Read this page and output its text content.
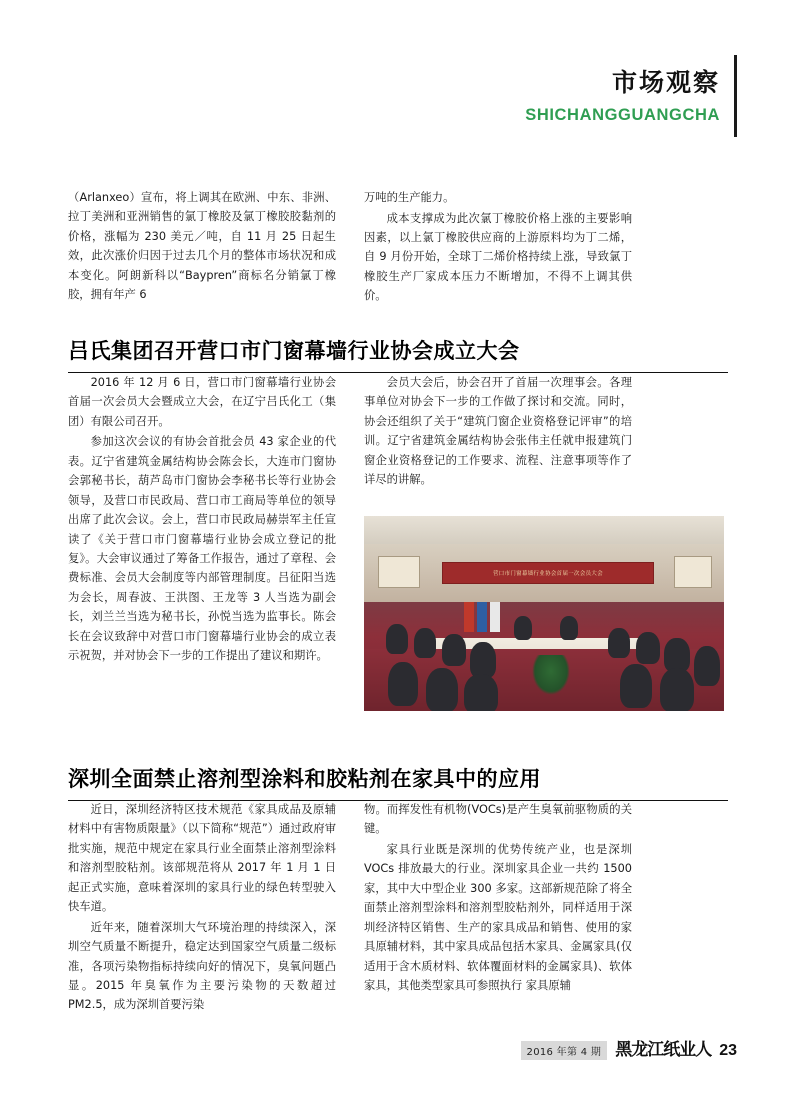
市场观察
SHICHANGGUANGCHA

（Arlanxeo）宣布，将上调其在欧洲、中东、非洲、拉丁美洲和亚洲销售的氯丁橡胶及氯丁橡胶胶黏剂的价格，涨幅为 230 美元／吨，自 11 月 25 日起生效，此次涨价归因于过去几个月的整体市场状况和成本变化。阿朗新科以“Baypren”商标名分销氯丁橡胶，拥有年产 6

万吨的生产能力。

成本支撑成为此次氯丁橡胶价格上涨的主要影响因素，以上氯丁橡胶供应商的上游原料均为丁二烯，自 9 月份开始，全球丁二烯价格持续上涨，导致氯丁橡胶生产厂家成本压力不断增加，不得不上调其供价。

吕氏集团召开营口市门窗幕墙行业协会成立大会

2016 年 12 月 6 日，营口市门窗幕墙行业协会首届一次会员大会暨成立大会，在辽宁吕氏化工（集团）有限公司召开。

参加这次会议的有协会首批会员 43 家企业的代表。辽宁省建筑金属结构协会陈会长，大连市门窗协会郭秘书长，葫芦岛市门窗协会李秘书长等行业协会领导，及营口市民政局、营口市工商局等单位的领导出席了此次会议。会上，营口市民政局赫崇军主任宣读了《关于营口市门窗幕墙行业协会成立登记的批复》。大会审议通过了筹备工作报告，通过了章程、会费标准、会员大会制度等内部管理制度。吕征阳当选为会长，周春波、王洪图、王龙等 3 人当选为副会长，刘兰兰当选为秘书长，孙悦当选为监事长。陈会长在会议致辞中对营口市门窗幕墙行业协会的成立表示祝贺，并对协会下一步的工作提出了建议和期许。

会员大会后，协会召开了首届一次理事会。各理事单位对协会下一步的工作做了探讨和交流。同时，协会还组织了关于“建筑门窗企业资格登记评审”的培训。辽宁省建筑金属结构协会张伟主任就申报建筑门窗企业资格登记的工作要求、流程、注意事项等作了详尽的讲解。

营口市门窗幕墙行业协会首届一次会员大会
深圳全面禁止溶剂型涂料和胶粘剂在家具中的应用

近日，深圳经济特区技术规范《家具成品及原辅材料中有害物质限量》（以下简称“规范”）通过政府审批实施，规范中规定在家具行业全面禁止溶剂型涂料和溶剂型胶粘剂。该部规范将从 2017 年 1 月 1 日起正式实施，意味着深圳的家具行业的绿色转型驶入快车道。

近年来，随着深圳大气环境治理的持续深入，深圳空气质量不断提升，稳定达到国家空气质量二级标准，各项污染物指标持续向好的情况下，臭氧问题凸显。2015 年臭氧作为主要污染物的天数超过 PM2.5，成为深圳首要污染

物。而挥发性有机物(VOCs)是产生臭氧前驱物质的关键。

家具行业既是深圳的优势传统产业，也是深圳 VOCs 排放最大的行业。深圳家具企业一共约 1500 家，其中大中型企业 300 多家。这部新规范除了将全面禁止溶剂型涂料和溶剂型胶粘剂外，同样适用于深圳经济特区销售、生产的家具成品和销售、使用的家具原辅材料，其中家具成品包括木家具、金属家具(仅适用于含木质材料、软体覆面材料的金属家具)、软体家具，其他类型家具可参照执行 家具原辅

2016 年第 4 期 黑龙江纸业人 23
